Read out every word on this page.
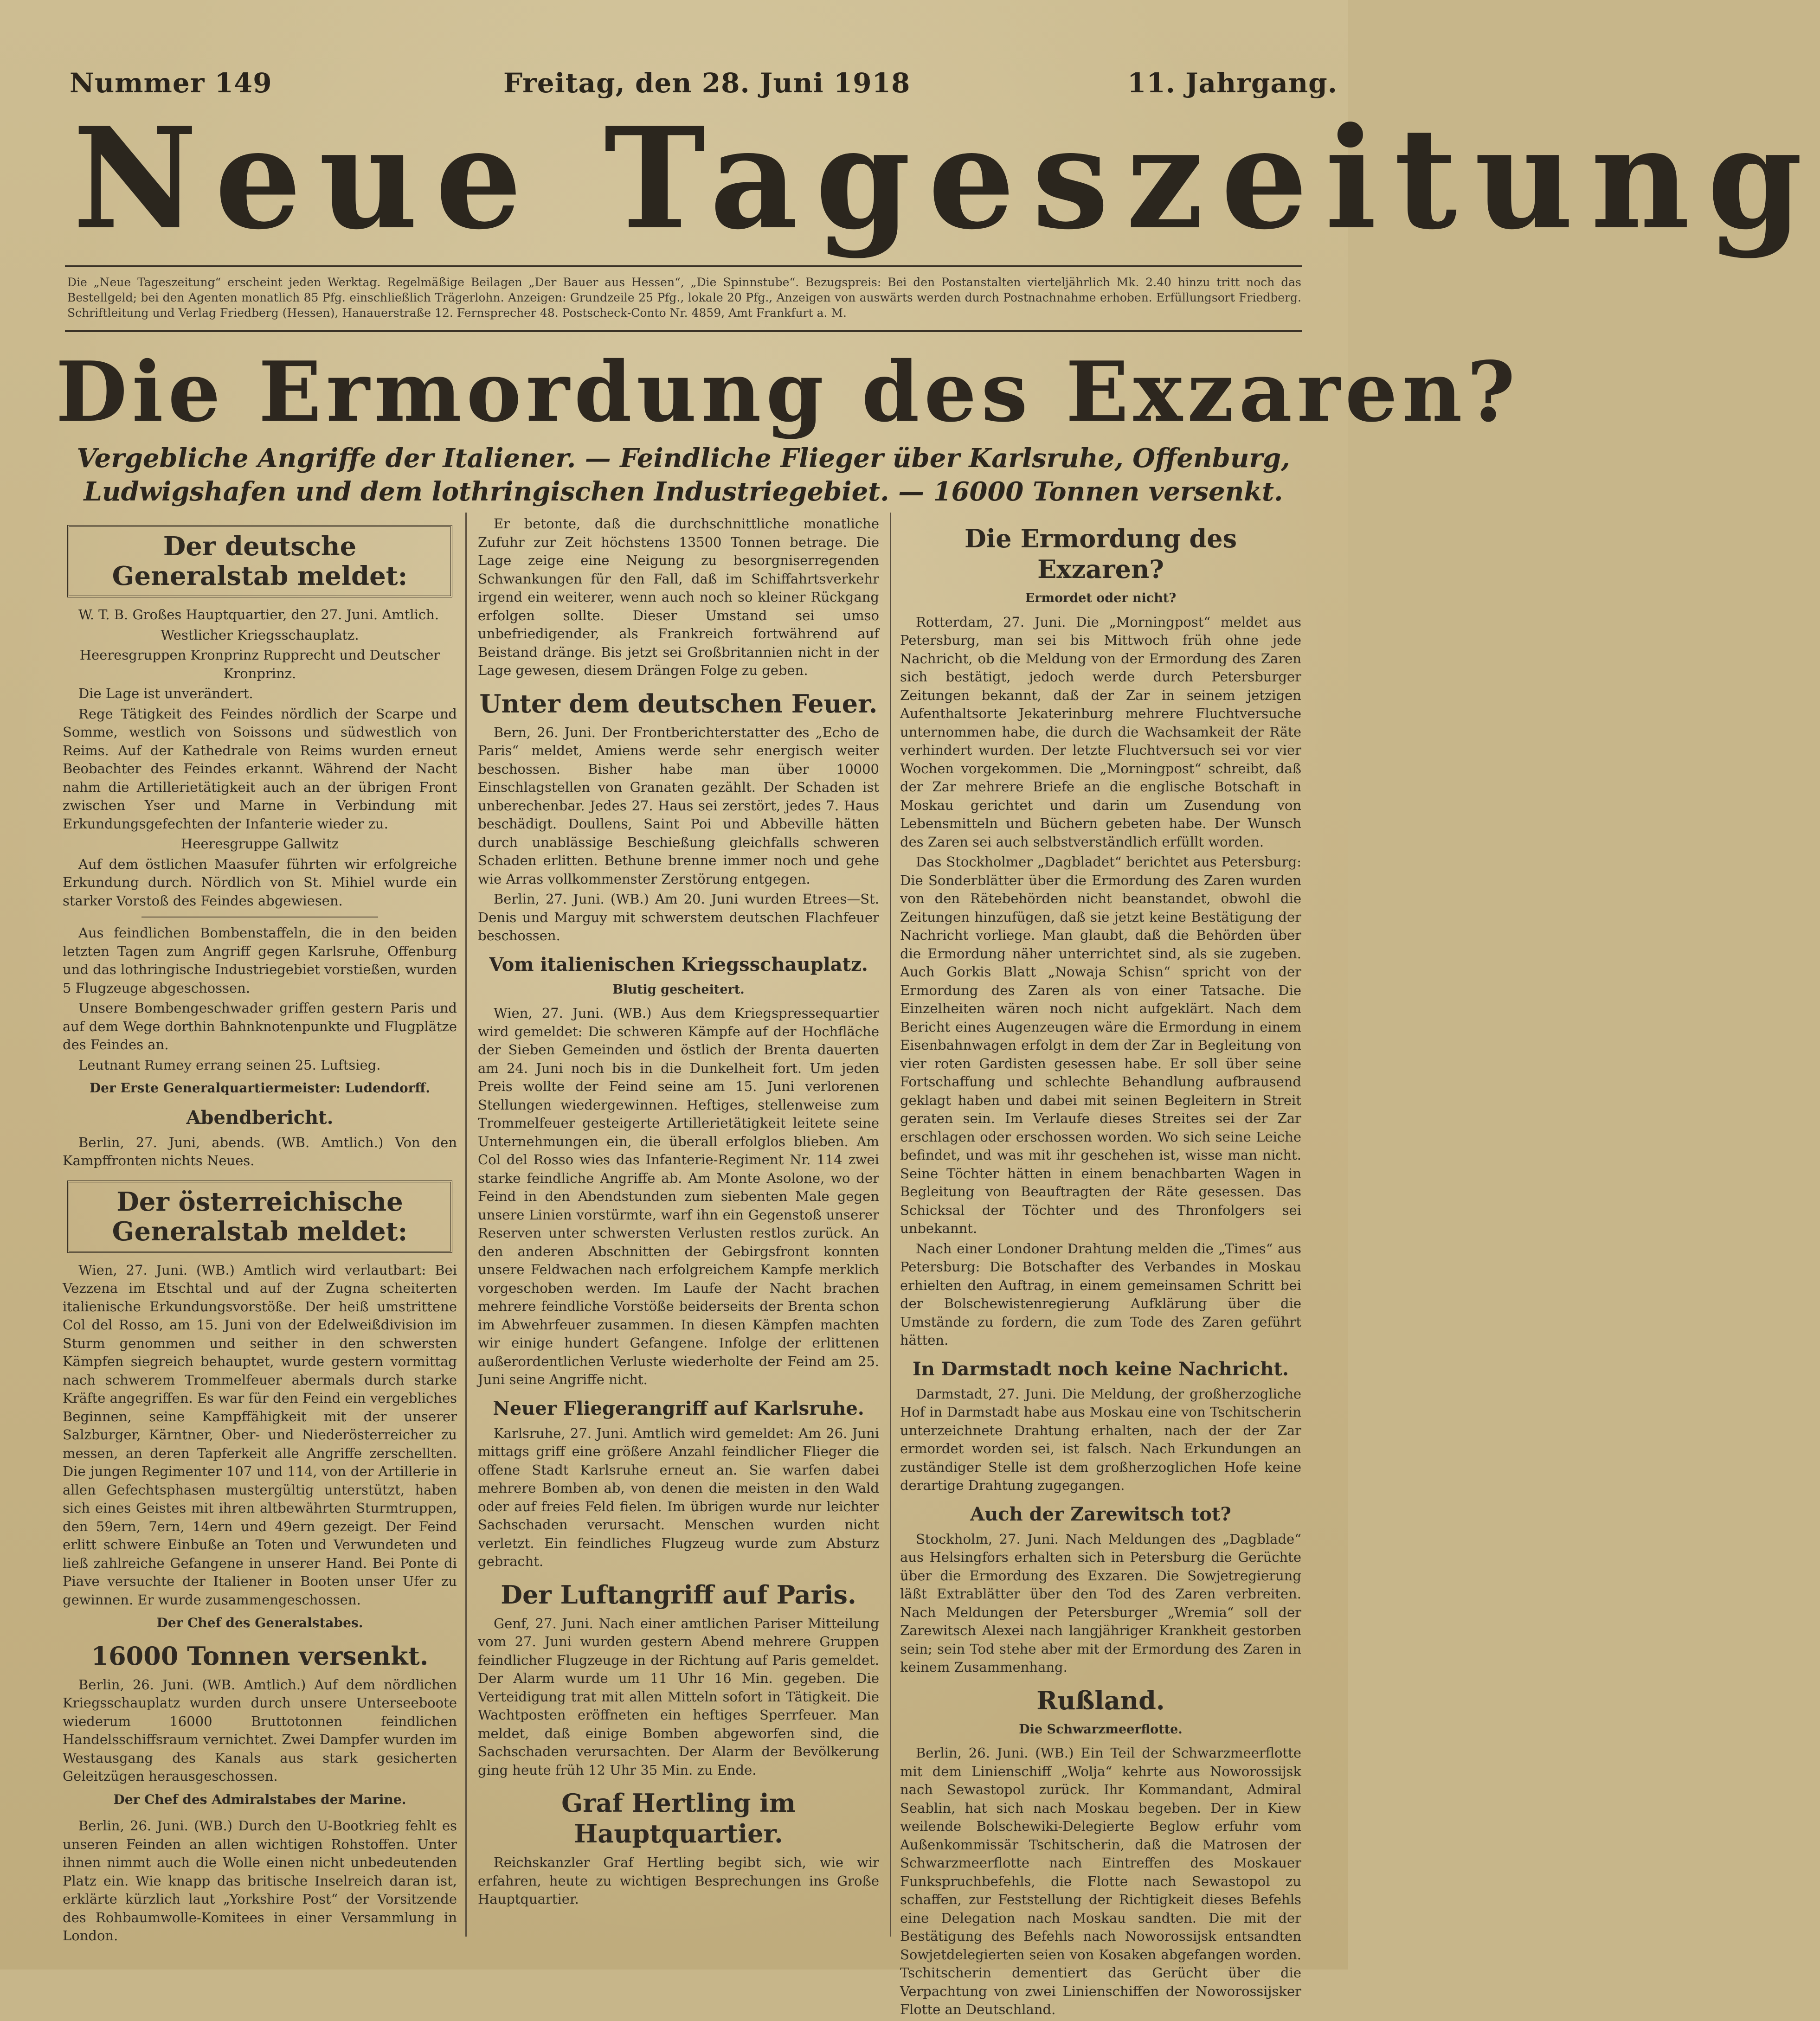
Nummer 149	Freitag, den 28. Juni 1918	11. Jahrgang.
Neue Tageszeitung
Die „Neue Tageszeitung“ erscheint jeden Werktag. Regelmäßige Beilagen „Der Bauer aus Hessen“, „Die Spinnstube“. Bezugspreis: Bei den Postanstalten vierteljährlich Mk. 2.40 hinzu tritt noch das Bestellgeld; bei den Agenten monatlich 85 Pfg. einschließlich Trägerlohn. Anzeigen: Grundzeile 25 Pfg., lokale 20 Pfg., Anzeigen von auswärts werden durch Postnachnahme erhoben. Erfüllungsort Friedberg. Schriftleitung und Verlag Friedberg (Hessen), Hanauerstraße 12. Fernsprecher 48. Postscheck-Conto Nr. 4859, Amt Frankfurt a. M.
Die Ermordung des Exzaren?
Vergebliche Angriffe der Italiener. — Feindliche Flieger über Karlsruhe, Offenburg, Ludwigshafen und dem lothringischen Industriegebiet. — 16000 Tonnen versenkt.
Der deutsche Generalstab meldet:

W. T. B. Großes Hauptquartier, den 27. Juni. Amtlich.

Westlicher Kriegsschauplatz.

Heeresgruppen Kronprinz Rupprecht und Deutscher Kronprinz.

Die Lage ist unverändert.

Rege Tätigkeit des Feindes nördlich der Scarpe und Somme, westlich von Soissons und südwestlich von Reims. Auf der Kathedrale von Reims wurden erneut Beobachter des Feindes erkannt. Während der Nacht nahm die Artillerietätigkeit auch an der übrigen Front zwischen Yser und Marne in Verbindung mit Erkundungsgefechten der Infanterie wieder zu.

Heeresgruppe Gallwitz

Auf dem östlichen Maasufer führten wir erfolgreiche Erkundung durch. Nördlich von St. Mihiel wurde ein starker Vorstoß des Feindes abgewiesen.

Aus feindlichen Bombenstaffeln, die in den beiden letzten Tagen zum Angriff gegen Karlsruhe, Offenburg und das lothringische Industriegebiet vorstießen, wurden 5 Flugzeuge abgeschossen.

Unsere Bombengeschwader griffen gestern Paris und auf dem Wege dorthin Bahnknotenpunkte und Flugplätze des Feindes an.

Leutnant Rumey errang seinen 25. Luftsieg.

Der Erste Generalquartiermeister: Ludendorff.
Abendbericht.

Berlin, 27. Juni, abends. (WB. Amtlich.) Von den Kampffronten nichts Neues.

Der österreichische Generalstab meldet:

Wien, 27. Juni. (WB.) Amtlich wird verlautbart: Bei Vezzena im Etschtal und auf der Zugna scheiterten italienische Erkundungsvorstöße. Der heiß umstrittene Col del Rosso, am 15. Juni von der Edelweißdivision im Sturm genommen und seither in den schwersten Kämpfen siegreich behauptet, wurde gestern vormittag nach schwerem Trommelfeuer abermals durch starke Kräfte angegriffen. Es war für den Feind ein vergebliches Beginnen, seine Kampffähigkeit mit der unserer Salzburger, Kärntner, Ober- und Niederösterreicher zu messen, an deren Tapferkeit alle Angriffe zerschellten. Die jungen Regimenter 107 und 114, von der Artillerie in allen Gefechtsphasen mustergültig unterstützt, haben sich eines Geistes mit ihren altbewährten Sturmtruppen, den 59ern, 7ern, 14ern und 49ern gezeigt. Der Feind erlitt schwere Einbuße an Toten und Verwundeten und ließ zahlreiche Gefangene in unserer Hand. Bei Ponte di Piave versuchte der Italiener in Booten unser Ufer zu gewinnen. Er wurde zusammengeschossen.

Der Chef des Generalstabes.
16000 Tonnen versenkt.

Berlin, 26. Juni. (WB. Amtlich.) Auf dem nördlichen Kriegsschauplatz wurden durch unsere Unterseeboote wiederum 16000 Bruttotonnen feindlichen Handelsschiffsraum vernichtet. Zwei Dampfer wurden im Westausgang des Kanals aus stark gesicherten Geleitzügen herausgeschossen.

Der Chef des Admiralstabes der Marine.

Berlin, 26. Juni. (WB.) Durch den U-Bootkrieg fehlt es unseren Feinden an allen wichtigen Rohstoffen. Unter ihnen nimmt auch die Wolle einen nicht unbedeutenden Platz ein. Wie knapp das britische Inselreich daran ist, erklärte kürzlich laut „Yorkshire Post“ der Vorsitzende des Rohbaumwolle-Komitees in einer Versammlung in London.

Er betonte, daß die durchschnittliche monatliche Zufuhr zur Zeit höchstens 13500 Tonnen betrage. Die Lage zeige eine Neigung zu besorgniserregenden Schwankungen für den Fall, daß im Schiffahrtsverkehr irgend ein weiterer, wenn auch noch so kleiner Rückgang erfolgen sollte. Dieser Umstand sei umso unbefriedigender, als Frankreich fortwährend auf Beistand dränge. Bis jetzt sei Großbritannien nicht in der Lage gewesen, diesem Drängen Folge zu geben.

Unter dem deutschen Feuer.

Bern, 26. Juni. Der Frontberichterstatter des „Echo de Paris“ meldet, Amiens werde sehr energisch weiter beschossen. Bisher habe man über 10000 Einschlagstellen von Granaten gezählt. Der Schaden ist unberechenbar. Jedes 27. Haus sei zerstört, jedes 7. Haus beschädigt. Doullens, Saint Poi und Abbeville hätten durch unablässige Beschießung gleichfalls schweren Schaden erlitten. Bethune brenne immer noch und gehe wie Arras vollkommenster Zerstörung entgegen.

Berlin, 27. Juni. (WB.) Am 20. Juni wurden Etrees—St. Denis und Marguy mit schwerstem deutschen Flachfeuer beschossen.

Vom italienischen Kriegsschauplatz.
Blutig gescheitert.

Wien, 27. Juni. (WB.) Aus dem Kriegspressequartier wird gemeldet: Die schweren Kämpfe auf der Hochfläche der Sieben Gemeinden und östlich der Brenta dauerten am 24. Juni noch bis in die Dunkelheit fort. Um jeden Preis wollte der Feind seine am 15. Juni verlorenen Stellungen wiedergewinnen. Heftiges, stellenweise zum Trommelfeuer gesteigerte Artillerietätigkeit leitete seine Unternehmungen ein, die überall erfolglos blieben. Am Col del Rosso wies das Infanterie-Regiment Nr. 114 zwei starke feindliche Angriffe ab. Am Monte Asolone, wo der Feind in den Abendstunden zum siebenten Male gegen unsere Linien vorstürmte, warf ihn ein Gegenstoß unserer Reserven unter schwersten Verlusten restlos zurück. An den anderen Abschnitten der Gebirgsfront konnten unsere Feldwachen nach erfolgreichem Kampfe merklich vorgeschoben werden. Im Laufe der Nacht brachen mehrere feindliche Vorstöße beiderseits der Brenta schon im Abwehrfeuer zusammen. In diesen Kämpfen machten wir einige hundert Gefangene. Infolge der erlittenen außerordentlichen Verluste wiederholte der Feind am 25. Juni seine Angriffe nicht.

Neuer Fliegerangriff auf Karlsruhe.

Karlsruhe, 27. Juni. Amtlich wird gemeldet: Am 26. Juni mittags griff eine größere Anzahl feindlicher Flieger die offene Stadt Karlsruhe erneut an. Sie warfen dabei mehrere Bomben ab, von denen die meisten in den Wald oder auf freies Feld fielen. Im übrigen wurde nur leichter Sachschaden verursacht. Menschen wurden nicht verletzt. Ein feindliches Flugzeug wurde zum Absturz gebracht.

Der Luftangriff auf Paris.

Genf, 27. Juni. Nach einer amtlichen Pariser Mitteilung vom 27. Juni wurden gestern Abend mehrere Gruppen feindlicher Flugzeuge in der Richtung auf Paris gemeldet. Der Alarm wurde um 11 Uhr 16 Min. gegeben. Die Verteidigung trat mit allen Mitteln sofort in Tätigkeit. Die Wachtposten eröffneten ein heftiges Sperrfeuer. Man meldet, daß einige Bomben abgeworfen sind, die Sachschaden verursachten. Der Alarm der Bevölkerung ging heute früh 12 Uhr 35 Min. zu Ende.

Graf Hertling im Hauptquartier.

Reichskanzler Graf Hertling begibt sich, wie wir erfahren, heute zu wichtigen Besprechungen ins Große Hauptquartier.

Die Ermordung des Exzaren?
Ermordet oder nicht?

Rotterdam, 27. Juni. Die „Morningpost“ meldet aus Petersburg, man sei bis Mittwoch früh ohne jede Nachricht, ob die Meldung von der Ermordung des Zaren sich bestätigt, jedoch werde durch Petersburger Zeitungen bekannt, daß der Zar in seinem jetzigen Aufenthaltsorte Jekaterinburg mehrere Fluchtversuche unternommen habe, die durch die Wachsamkeit der Räte verhindert wurden. Der letzte Fluchtversuch sei vor vier Wochen vorgekommen. Die „Morningpost“ schreibt, daß der Zar mehrere Briefe an die englische Botschaft in Moskau gerichtet und darin um Zusendung von Lebensmitteln und Büchern gebeten habe. Der Wunsch des Zaren sei auch selbstverständlich erfüllt worden.

Das Stockholmer „Dagbladet“ berichtet aus Petersburg: Die Sonderblätter über die Ermordung des Zaren wurden von den Rätebehörden nicht beanstandet, obwohl die Zeitungen hinzufügen, daß sie jetzt keine Bestätigung der Nachricht vorliege. Man glaubt, daß die Behörden über die Ermordung näher unterrichtet sind, als sie zugeben. Auch Gorkis Blatt „Nowaja Schisn“ spricht von der Ermordung des Zaren als von einer Tatsache. Die Einzelheiten wären noch nicht aufgeklärt. Nach dem Bericht eines Augenzeugen wäre die Ermordung in einem Eisenbahnwagen erfolgt in dem der Zar in Begleitung von vier roten Gardisten gesessen habe. Er soll über seine Fortschaffung und schlechte Behandlung aufbrausend geklagt haben und dabei mit seinen Begleitern in Streit geraten sein. Im Verlaufe dieses Streites sei der Zar erschlagen oder erschossen worden. Wo sich seine Leiche befindet, und was mit ihr geschehen ist, wisse man nicht. Seine Töchter hätten in einem benachbarten Wagen in Begleitung von Beauftragten der Räte gesessen. Das Schicksal der Töchter und des Thronfolgers sei unbekannt.

Nach einer Londoner Drahtung melden die „Times“ aus Petersburg: Die Botschafter des Verbandes in Moskau erhielten den Auftrag, in einem gemeinsamen Schritt bei der Bolschewistenregierung Aufklärung über die Umstände zu fordern, die zum Tode des Zaren geführt hätten.

In Darmstadt noch keine Nachricht.

Darmstadt, 27. Juni. Die Meldung, der großherzogliche Hof in Darmstadt habe aus Moskau eine von Tschitscherin unterzeichnete Drahtung erhalten, nach der der Zar ermordet worden sei, ist falsch. Nach Erkundungen an zuständiger Stelle ist dem großherzoglichen Hofe keine derartige Drahtung zugegangen.

Auch der Zarewitsch tot?

Stockholm, 27. Juni. Nach Meldungen des „Dagblade“ aus Helsingfors erhalten sich in Petersburg die Gerüchte über die Ermordung des Exzaren. Die Sowjetregierung läßt Extrablätter über den Tod des Zaren verbreiten. Nach Meldungen der Petersburger „Wremia“ soll der Zarewitsch Alexei nach langjähriger Krankheit gestorben sein; sein Tod stehe aber mit der Ermordung des Zaren in keinem Zusammenhang.

Rußland.
Die Schwarzmeerflotte.

Berlin, 26. Juni. (WB.) Ein Teil der Schwarzmeerflotte mit dem Linienschiff „Wolja“ kehrte aus Noworossijsk nach Sewastopol zurück. Ihr Kommandant, Admiral Seablin, hat sich nach Moskau begeben. Der in Kiew weilende Bolschewiki-Delegierte Beglow erfuhr vom Außenkommissär Tschitscherin, daß die Matrosen der Schwarzmeerflotte nach Eintreffen des Moskauer Funkspruchbefehls, die Flotte nach Sewastopol zu schaffen, zur Feststellung der Richtigkeit dieses Befehls eine Delegation nach Moskau sandten. Die mit der Bestätigung des Befehls nach Noworossijsk entsandten Sowjetdelegierten seien von Kosaken abgefangen worden. Tschitscherin dementiert das Gerücht über die Verpachtung von zwei Linienschiffen der Noworossijsker Flotte an Deutschland.
